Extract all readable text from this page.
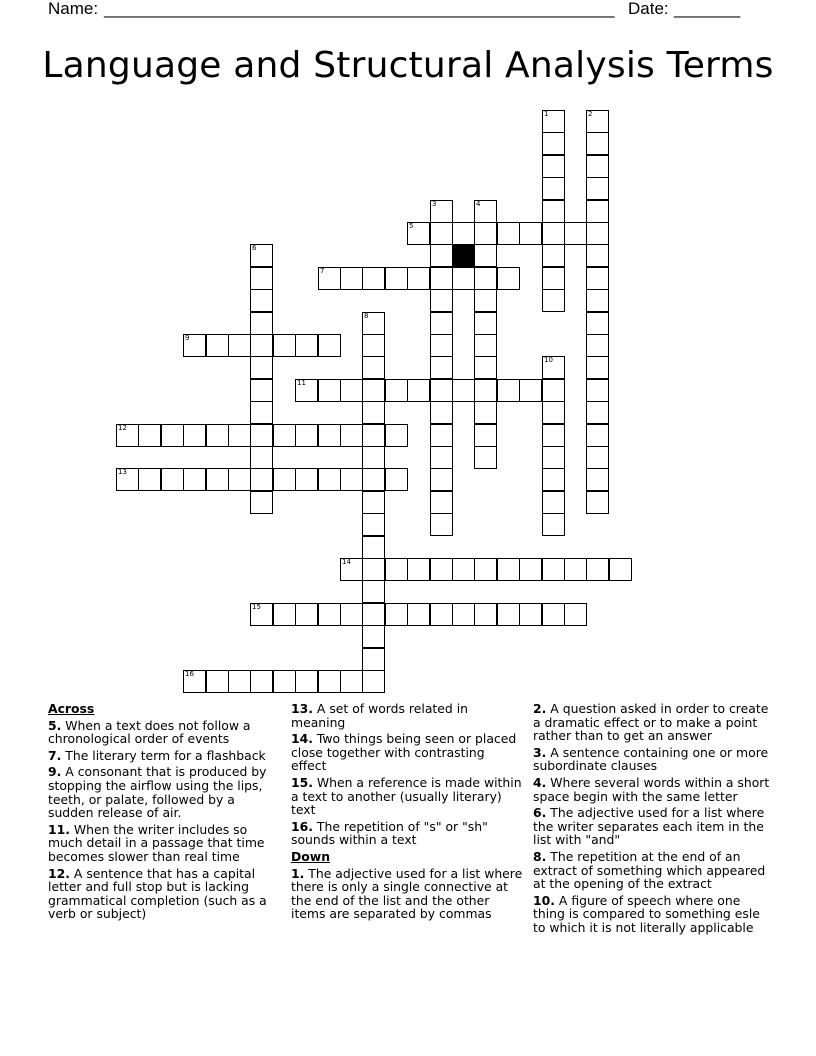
Name: ______________________________________________________ Date: _______
Language and Structural Analysis Terms
1	2
3	4
5
6
7
8
9
10
11
12
13
14
15
16

Across

5. When a text does not follow a chronological order of events

7. The literary term for a flashback

9. A consonant that is produced by stopping the airflow using the lips, teeth, or palate, followed by a sudden release of air.

11. When the writer includes so much detail in a passage that time becomes slower than real time

12. A sentence that has a capital letter and full stop but is lacking grammatical completion (such as a verb or subject)

13. A set of words related in meaning

14. Two things being seen or placed close together with contrasting effect

15. When a reference is made within a text to another (usually literary) text

16. The repetition of "s" or "sh" sounds within a text

Down

1. The adjective used for a list where there is only a single connective at the end of the list and the other items are separated by commas

2. A question asked in order to create a dramatic effect or to make a point rather than to get an answer

3. A sentence containing one or more subordinate clauses

4. Where several words within a short space begin with the same letter

6. The adjective used for a list where the writer separates each item in the list with "and"

8. The repetition at the end of an extract of something which appeared at the opening of the extract

10. A figure of speech where one thing is compared to something esle to which it is not literally applicable
